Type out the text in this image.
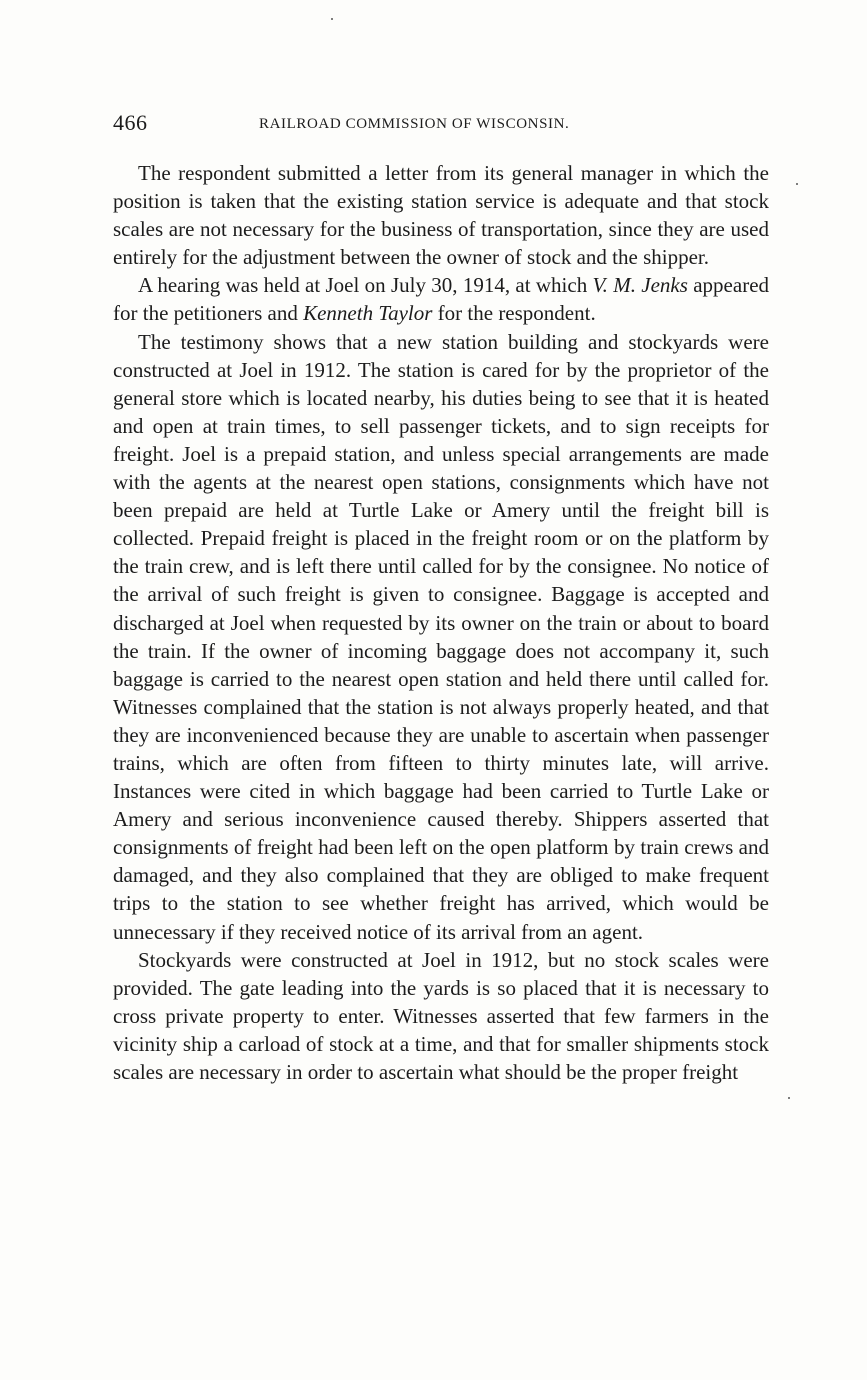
466	RAILROAD COMMISSION OF WISCONSIN.

The respondent submitted a letter from its general manager in which the position is taken that the existing station service is adequate and that stock scales are not necessary for the business of transportation, since they are used entirely for the adjustment between the owner of stock and the shipper.

A hearing was held at Joel on July 30, 1914, at which V. M. Jenks appeared for the petitioners and Kenneth Taylor for the respondent.

The testimony shows that a new station building and stockyards were constructed at Joel in 1912. The station is cared for by the proprietor of the general store which is located nearby, his duties being to see that it is heated and open at train times, to sell passenger tickets, and to sign receipts for freight. Joel is a prepaid station, and unless special arrangements are made with the agents at the nearest open stations, consignments which have not been prepaid are held at Turtle Lake or Amery until the freight bill is collected. Prepaid freight is placed in the freight room or on the platform by the train crew, and is left there until called for by the consignee. No notice of the arrival of such freight is given to consignee. Baggage is accepted and discharged at Joel when requested by its owner on the train or about to board the train. If the owner of incoming baggage does not accompany it, such baggage is carried to the nearest open station and held there until called for. Witnesses complained that the station is not always properly heated, and that they are inconvenienced because they are unable to ascertain when passenger trains, which are often from fifteen to thirty minutes late, will arrive. Instances were cited in which baggage had been carried to Turtle Lake or Amery and serious inconvenience caused thereby. Shippers asserted that consignments of freight had been left on the open platform by train crews and damaged, and they also complained that they are obliged to make frequent trips to the station to see whether freight has arrived, which would be unnecessary if they received notice of its arrival from an agent.

Stockyards were constructed at Joel in 1912, but no stock scales were provided. The gate leading into the yards is so placed that it is necessary to cross private property to enter. Witnesses asserted that few farmers in the vicinity ship a carload of stock at a time, and that for smaller shipments stock scales are necessary in order to ascertain what should be the proper freight
